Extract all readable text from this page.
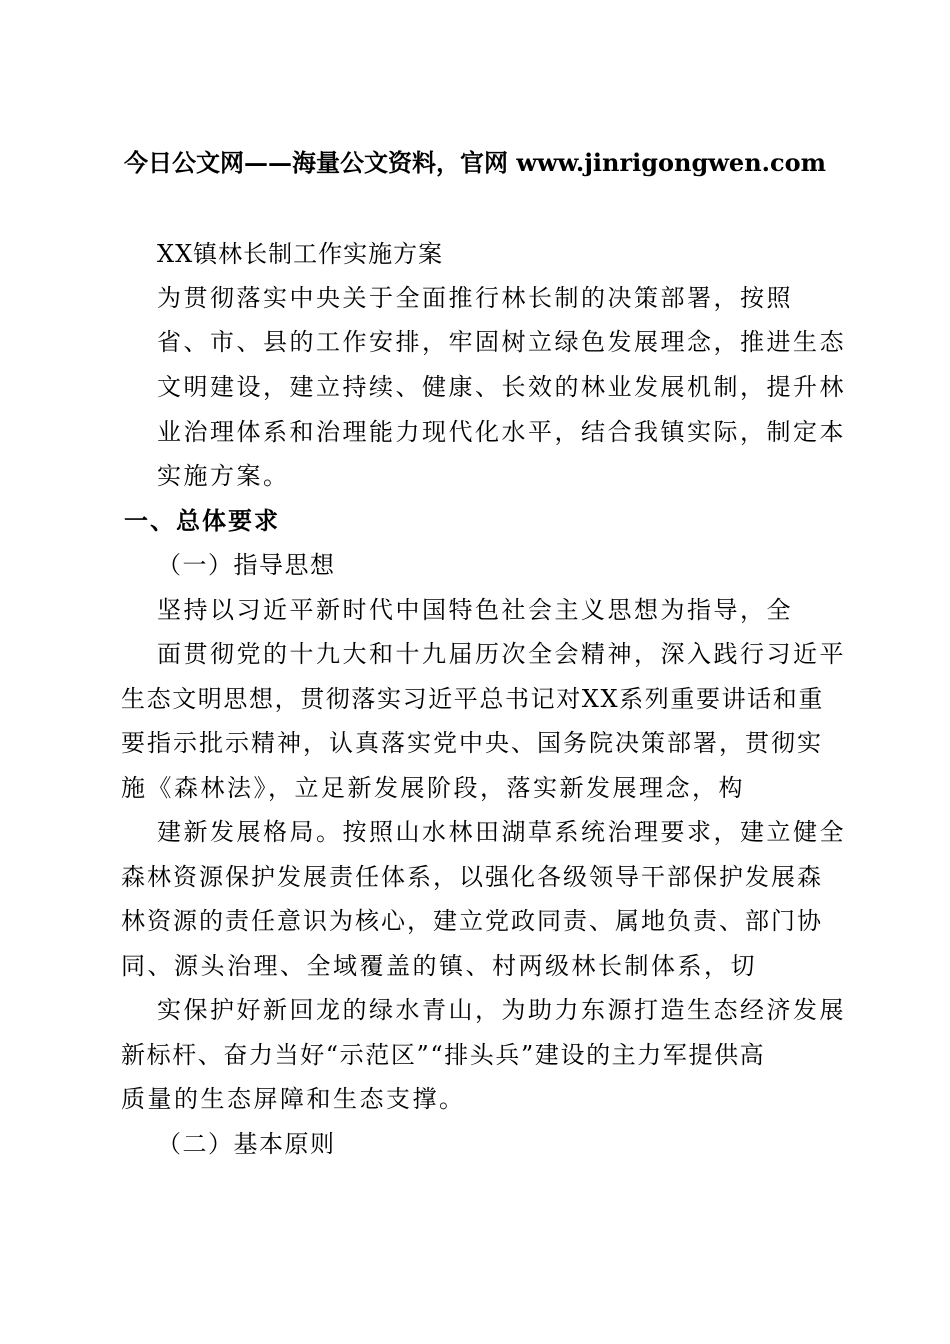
今日公文网——海量公文资料，官网 www.jinrigongwen.com
XX镇林长制工作实施方案
为贯彻落实中央关于全面推行林长制的决策部署，按照
省、市、县的工作安排，牢固树立绿色发展理念，推进生态
文明建设，建立持续、健康、长效的林业发展机制，提升林
业治理体系和治理能力现代化水平，结合我镇实际，制定本
实施方案。
一、总体要求
（一）指导思想
坚持以习近平新时代中国特色社会主义思想为指导，全
面贯彻党的十九大和十九届历次全会精神，深入践行习近平
生态文明思想，贯彻落实习近平总书记对XX系列重要讲话和重
要指示批示精神，认真落实党中央、国务院决策部署，贯彻实
施《森林法》，立足新发展阶段，落实新发展理念，构
建新发展格局。按照山水林田湖草系统治理要求，建立健全
森林资源保护发展责任体系，以强化各级领导干部保护发展森
林资源的责任意识为核心，建立党政同责、属地负责、部门协
同、源头治理、全域覆盖的镇、村两级林长制体系，切
实保护好新回龙的绿水青山，为助力东源打造生态经济发展
新标杆、奋力当好“示范区”“排头兵”建设的主力军提供高
质量的生态屏障和生态支撑。
（二）基本原则
